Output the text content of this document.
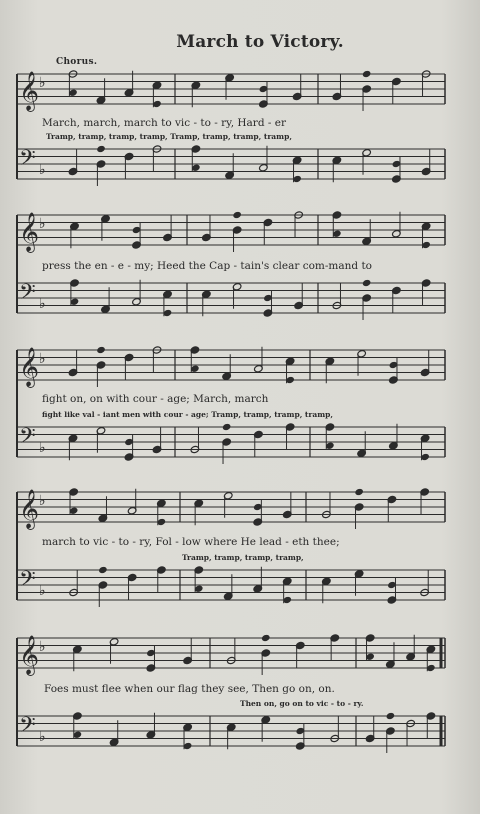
March to Victory.
Chorus.
𝄞 ♭
𝄢 ♭
𝄞 ♭
𝄢 ♭
𝄞 ♭
𝄢 ♭
𝄞 ♭
𝄢 ♭
𝄞 ♭
𝄢 ♭
March, march, march to vic - to - ry, Hard - er
Tramp, tramp, tramp, tramp, Tramp, tramp, tramp, tramp,
press the en - e - my; Heed the Cap - tain's clear com-mand to
fight on, on with cour - age; March, march
fight like val - iant men with cour - age; Tramp, tramp, tramp, tramp,
march to vic - to - ry, Fol - low where He lead - eth thee;
Tramp, tramp, tramp, tramp,
Foes must flee when our flag they see, Then go on, on.
Then on, go on to vic - to - ry.
